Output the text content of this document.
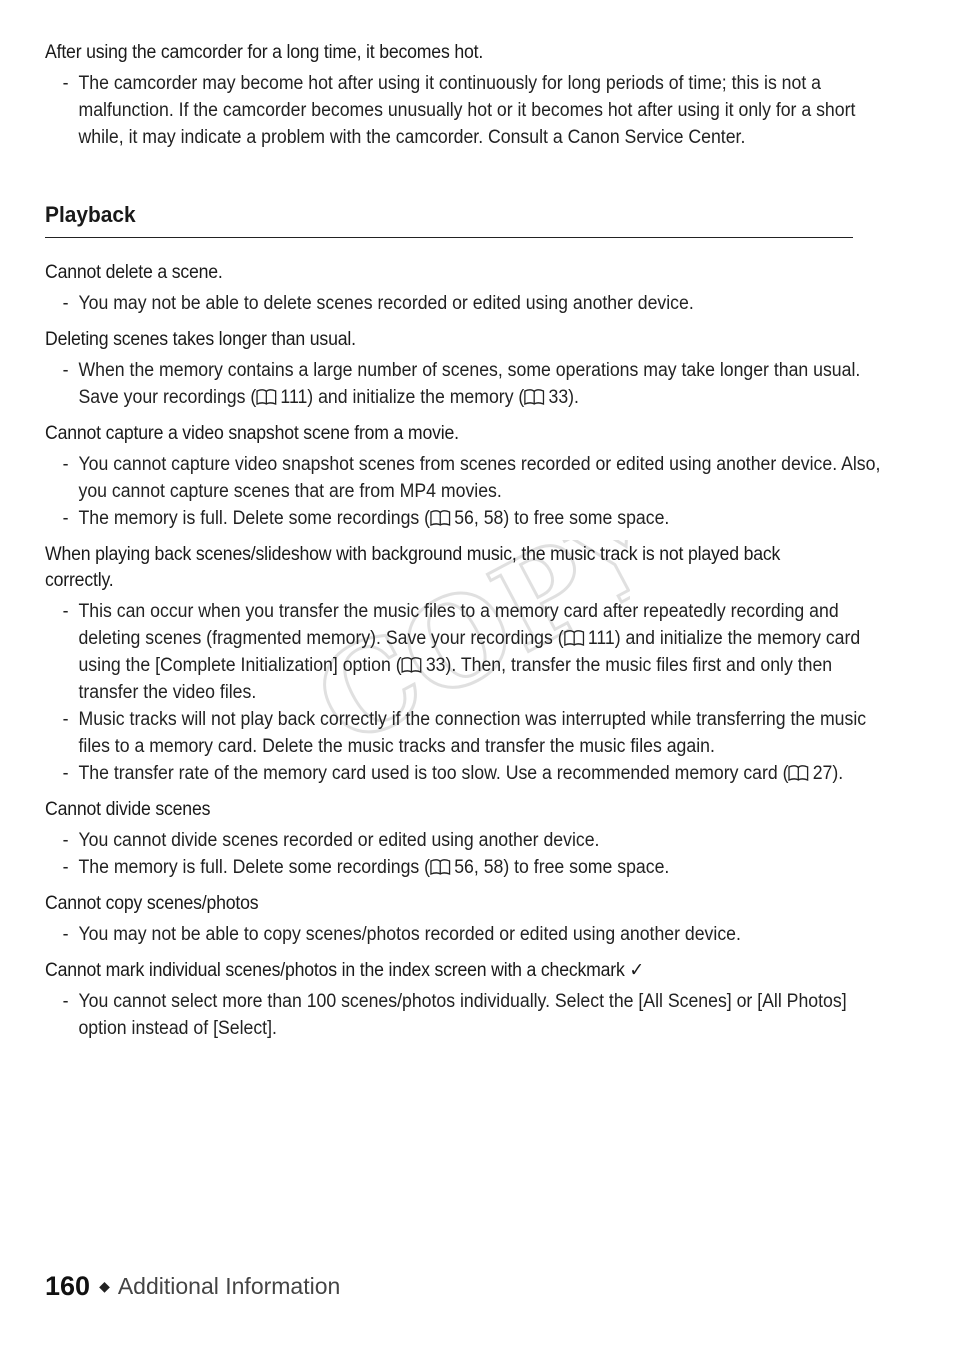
COPY

After using the camcorder for a long time, it becomes hot.

- The camcorder may become hot after using it continuously for long periods of time; this is not a malfunction. If the camcorder becomes unusually hot or it becomes hot after using it only for a short while, it may indicate a problem with the camcorder. Consult a Canon Service Center.
Playback

Cannot delete a scene.

- You may not be able to delete scenes recorded or edited using another device.

Deleting scenes takes longer than usual.

- When the memory contains a large number of scenes, some operations may take longer than usual. Save your recordings ( 111) and initialize the memory ( 33).

Cannot capture a video snapshot scene from a movie.

- You cannot capture video snapshot scenes from scenes recorded or edited using another device. Also, you cannot capture scenes that are from MP4 movies.
- The memory is full. Delete some recordings ( 56, 58) to free some space.

When playing back scenes/slideshow with background music, the music track is not played back correctly.

- This can occur when you transfer the music files to a memory card after repeatedly recording and deleting scenes (fragmented memory). Save your recordings ( 111) and initialize the memory card using the [Complete Initialization] option ( 33). Then, transfer the music files first and only then transfer the video files.
- Music tracks will not play back correctly if the connection was interrupted while transferring the music files to a memory card. Delete the music tracks and transfer the music files again.
- The transfer rate of the memory card used is too slow. Use a recommended memory card ( 27).

Cannot divide scenes

- You cannot divide scenes recorded or edited using another device.
- The memory is full. Delete some recordings ( 56, 58) to free some space.

Cannot copy scenes/photos

- You may not be able to copy scenes/photos recorded or edited using another device.

Cannot mark individual scenes/photos in the index screen with a checkmark ✓

- You cannot select more than 100 scenes/photos individually. Select the [All Scenes] or [All Photos] option instead of [Select].
160 ◆ Additional Information
